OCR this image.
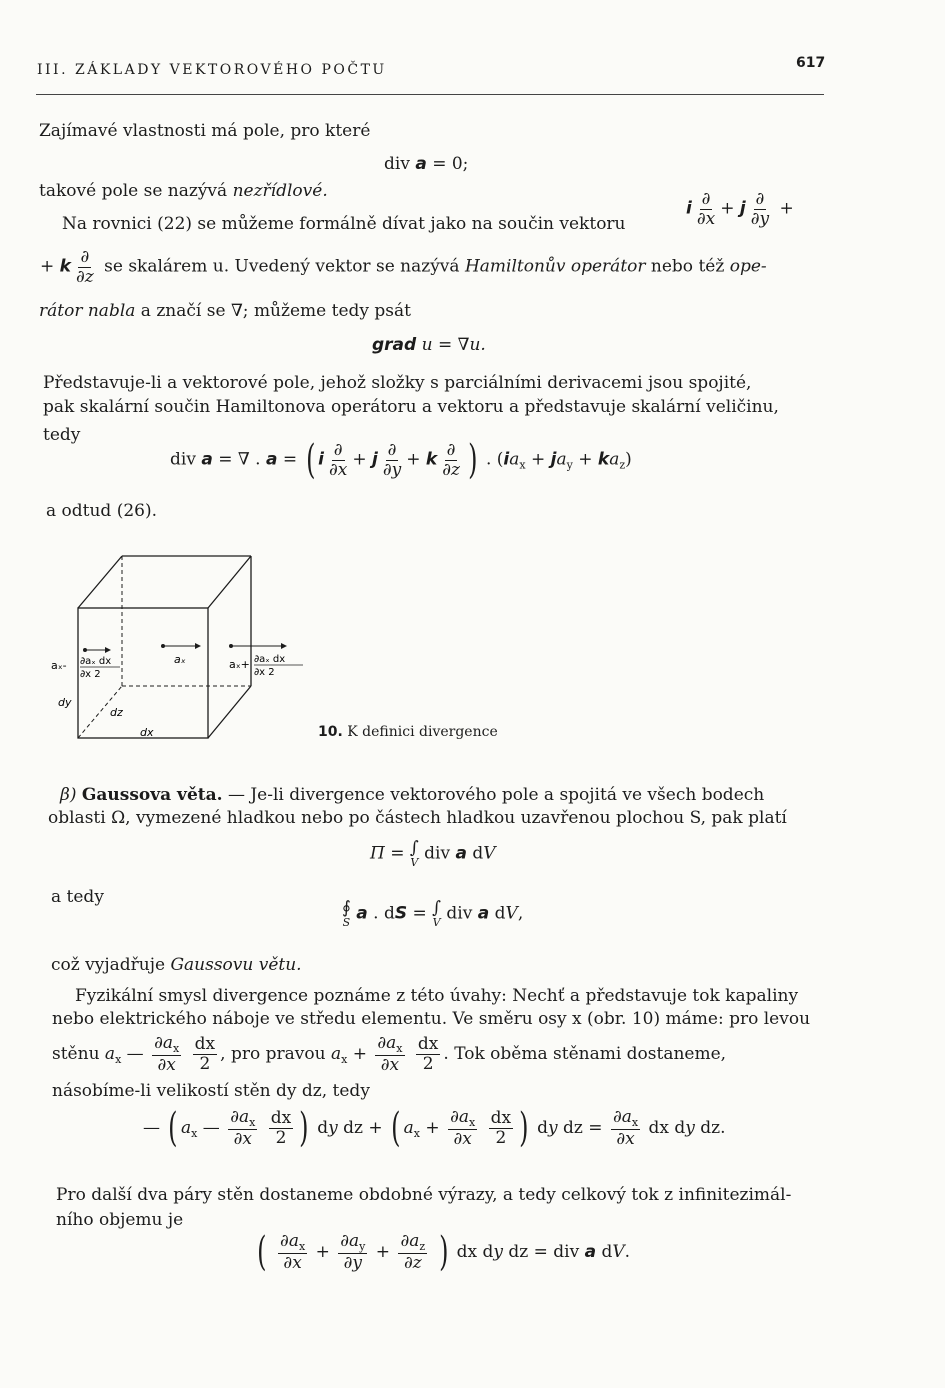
III. ZÁKLADY VEKTOROVÉHO POČTU	617
Zajímavé vlastnosti má pole, pro které
div a = 0;
takové pole se nazývá nezřídlové.
Na rovnici (22) se můžeme formálně dívat jako na součin vektoru
i $\frac{\partial}{\partial x} + j \frac{\partial}{\partial y}$ +
+ k $\frac{\partial}{\partial z}$ se skalárem u. Uvedený vektor se nazývá Hamiltonův operátor nebo též ope-
rátor nabla a značí se ∇; můžeme tedy psát
grad u = ∇u.
Představuje-li a vektorové pole, jehož složky s parciálními derivacemi jsou spojité,
pak skalární součin Hamiltonova operátoru a vektoru a představuje skalární veličinu,
tedy
div a = ∇ . a = ( i $\frac{\partial}{\partial x} + j \frac{\partial}{\partial y} + k \frac{\partial}{\partial z}$ ) . $(ia_x + ja_y + ka_z)$
a odtud (26).
aₓ
aₓ- ∂aₓ dx
∂x 2
aₓ+ ∂aₓ dx
∂x 2
dy
dz
dx	10. K definici divergence
β) Gaussova věta. — Je-li divergence vektorového pole a spojitá ve všech bodech
oblasti Ω, vymezené hladkou nebo po částech hladkou uzavřenou plochou S, pak platí
Π = ∫
V div a dV
a tedy
∮
S a . dS = ∫
V div a dV,
což vyjadřuje Gaussovu větu.
Fyzikální smysl divergence poznáme z této úvahy: Nechť a představuje tok kapaliny
nebo elektrického náboje ve středu elementu. Ve směru osy x (obr. 10) máme: pro levou
stěnu $a_x$ — $\frac{\partial a_x}{\partial x}$
$\frac{dx}{2}$ , pro pravou $a_x + \frac{\partial a_x}{\partial x}$
$\frac{dx}{2}$ . Tok oběma stěnami dostaneme,
násobíme-li velikostí stěn dy dz, tedy
— ( $a_x$ — $\frac{\partial a_x}{\partial x}$
$\frac{dx}{2}$ ) dy dz + ( $a_x + \frac{\partial a_x}{\partial x}$
$\frac{dx}{2}$ ) dy dz = $\frac{\partial a_x}{\partial x}$ dx dy dz.
Pro další dva páry stěn dostaneme obdobné výrazy, a tedy celkový tok z infinitezimál-
ního objemu je
( $\frac{\partial a_x}{\partial x} + \frac{\partial a_y}{\partial y} + \frac{\partial a_z}{\partial z}$ ) dx dy dz = div a dV.
